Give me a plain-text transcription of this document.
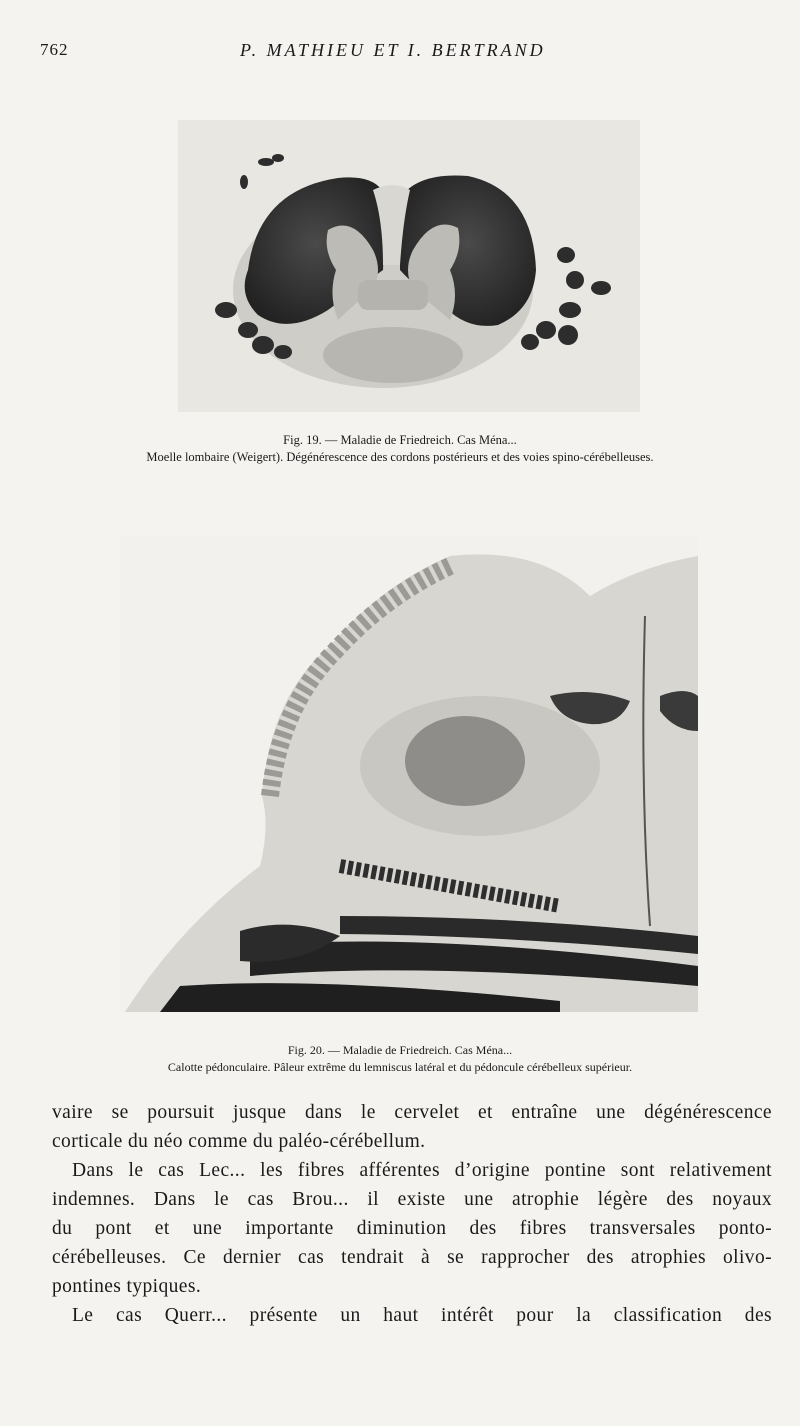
762	P. MATHIEU ET I. BERTRAND
Fig. 19. — Maladie de Friedreich. Cas Ména...
Moelle lombaire (Weigert). Dégénérescence des cordons postérieurs et des voies spino-cérébelleuses.
Fig. 20. — Maladie de Friedreich. Cas Ména...
Calotte pédonculaire. Pâleur extrême du lemniscus latéral et du pédoncule cérébelleux supérieur.
vaire se poursuit jusque dans le cervelet et entraîne une dégénérescence
corticale du néo comme du paléo-cérébellum.
Dans le cas Lec... les fibres afférentes d’origine pontine sont relativement
indemnes. Dans le cas Brou... il existe une atrophie légère des noyaux
du pont et une importante diminution des fibres transversales ponto-
cérébelleuses. Ce dernier cas tendrait à se rapprocher des atrophies olivo-
pontines typiques.
Le cas Querr... présente un haut intérêt pour la classification des
